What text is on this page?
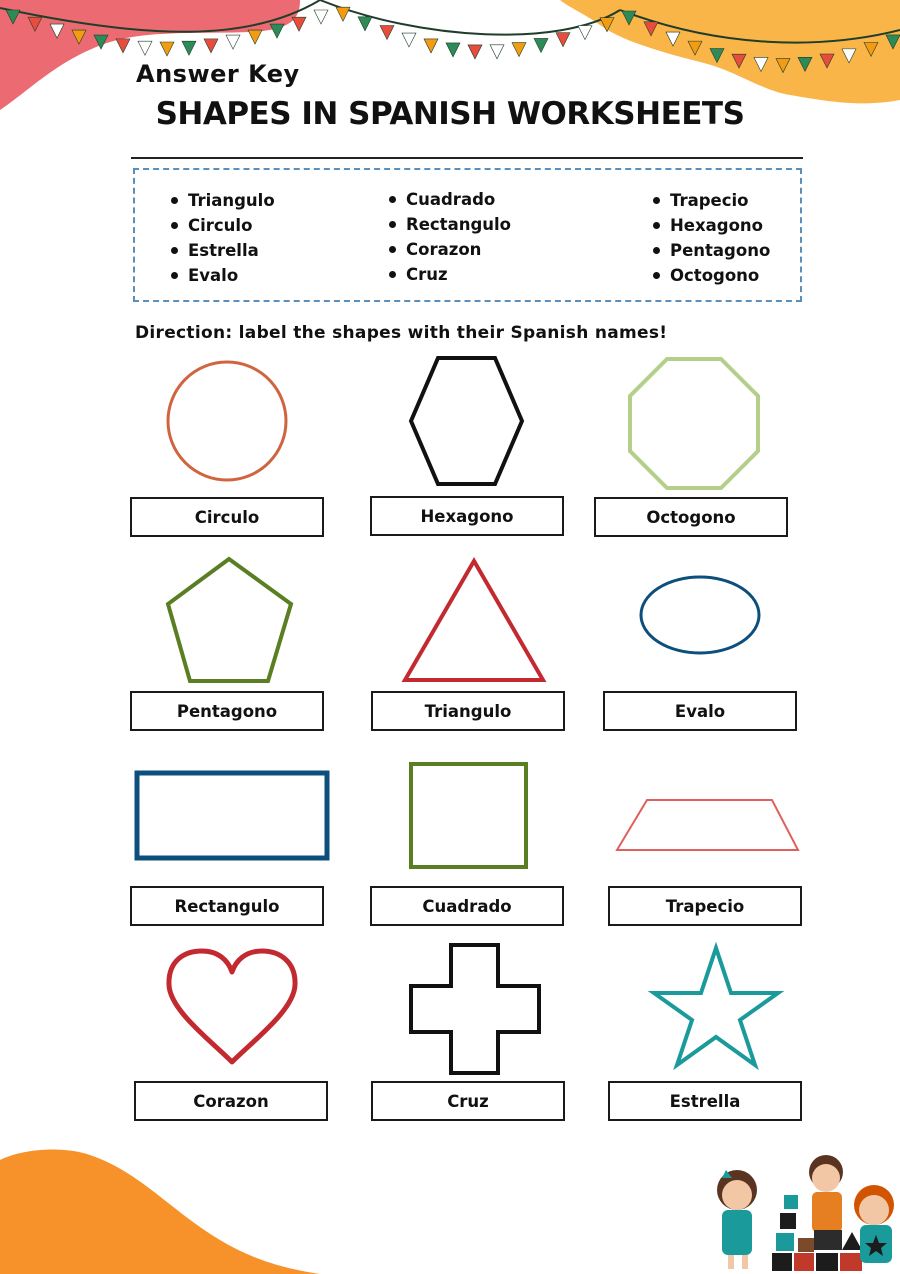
Answer Key
SHAPES IN SPANISH WORKSHEETS
Triangulo
Circulo
Estrella
Evalo
Cuadrado
Rectangulo
Corazon
Cruz
Trapecio
Hexagono
Pentagono
Octogono
Direction: label the shapes with their Spanish names!
Circulo	Hexagono	Octogono
Pentagono	Triangulo	Evalo
Rectangulo	Cuadrado	Trapecio
Corazon	Cruz	Estrella
